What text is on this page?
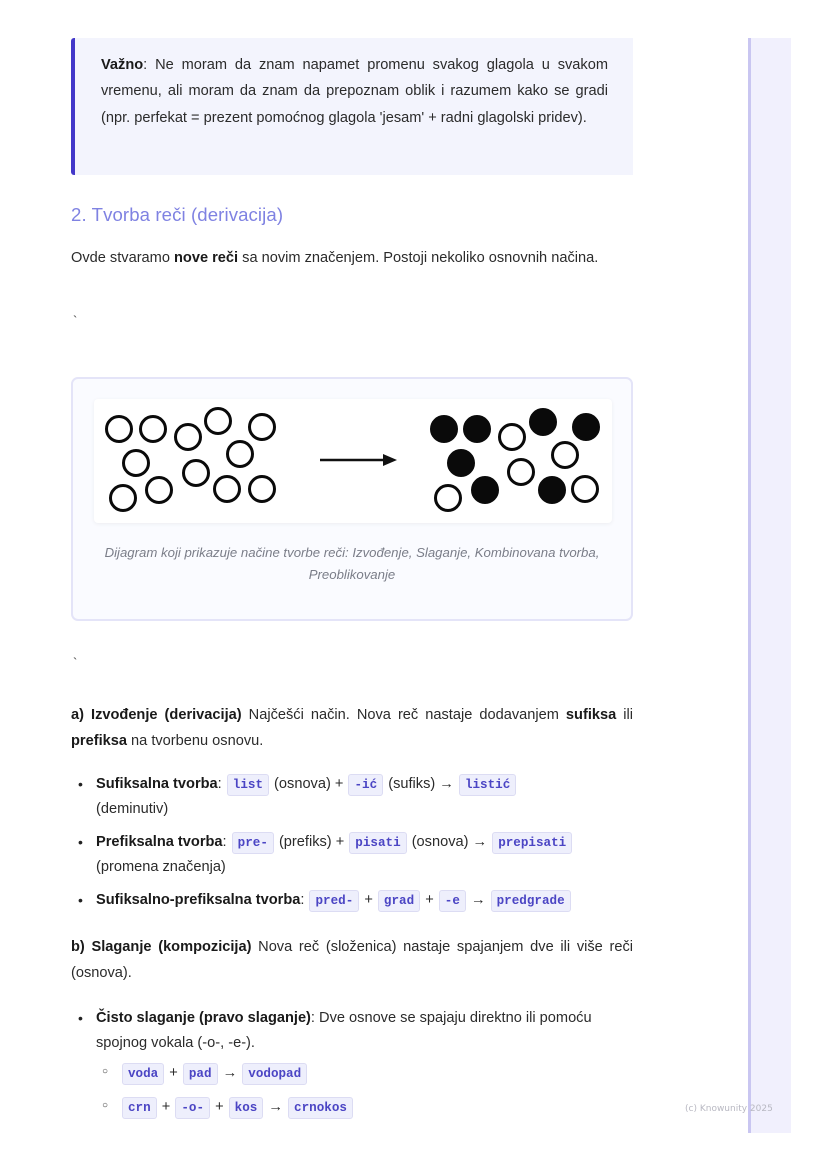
Važno: Ne moram da znam napamet promenu svakog glagola u svakom vremenu, ali moram da znam da prepoznam oblik i razumem kako se gradi (npr. perfekat = prezent pomoćnog glagola 'jesam' + radni glagolski pridev).
2. Tvorba reči (derivacija)
Ovde stvaramo nove reči sa novim značenjem. Postoji nekoliko osnovnih načina.
`
Dijagram koji prikazuje načine tvorbe reči: Izvođenje, Slaganje, Kombinovana tvorba, Preoblikovanje
`
a) Izvođenje (derivacija) Najčešći način. Nova reč nastaje dodavanjem sufiksa ili prefiksa na tvorbenu osnovu.
• Sufiksalna tvorba: list (osnova) + -ić (sufiks) → listić (deminutiv)
• Prefiksalna tvorba: pre- (prefiks) + pisati (osnova) → prepisati (promena značenja)
• Sufiksalno-prefiksalna tvorba: pred- + grad + -e → predgrade
b) Slaganje (kompozicija) Nova reč (složenica) nastaje spajanjem dve ili više reči (osnova).
• Čisto slaganje (pravo slaganje): Dve osnove se spajaju direktno ili pomoću spojnog vokala (-o-, -e-).
○ voda + pad → vodopad
○ crn + -o- + kos → crnokos	(c) Knowunity 2025
